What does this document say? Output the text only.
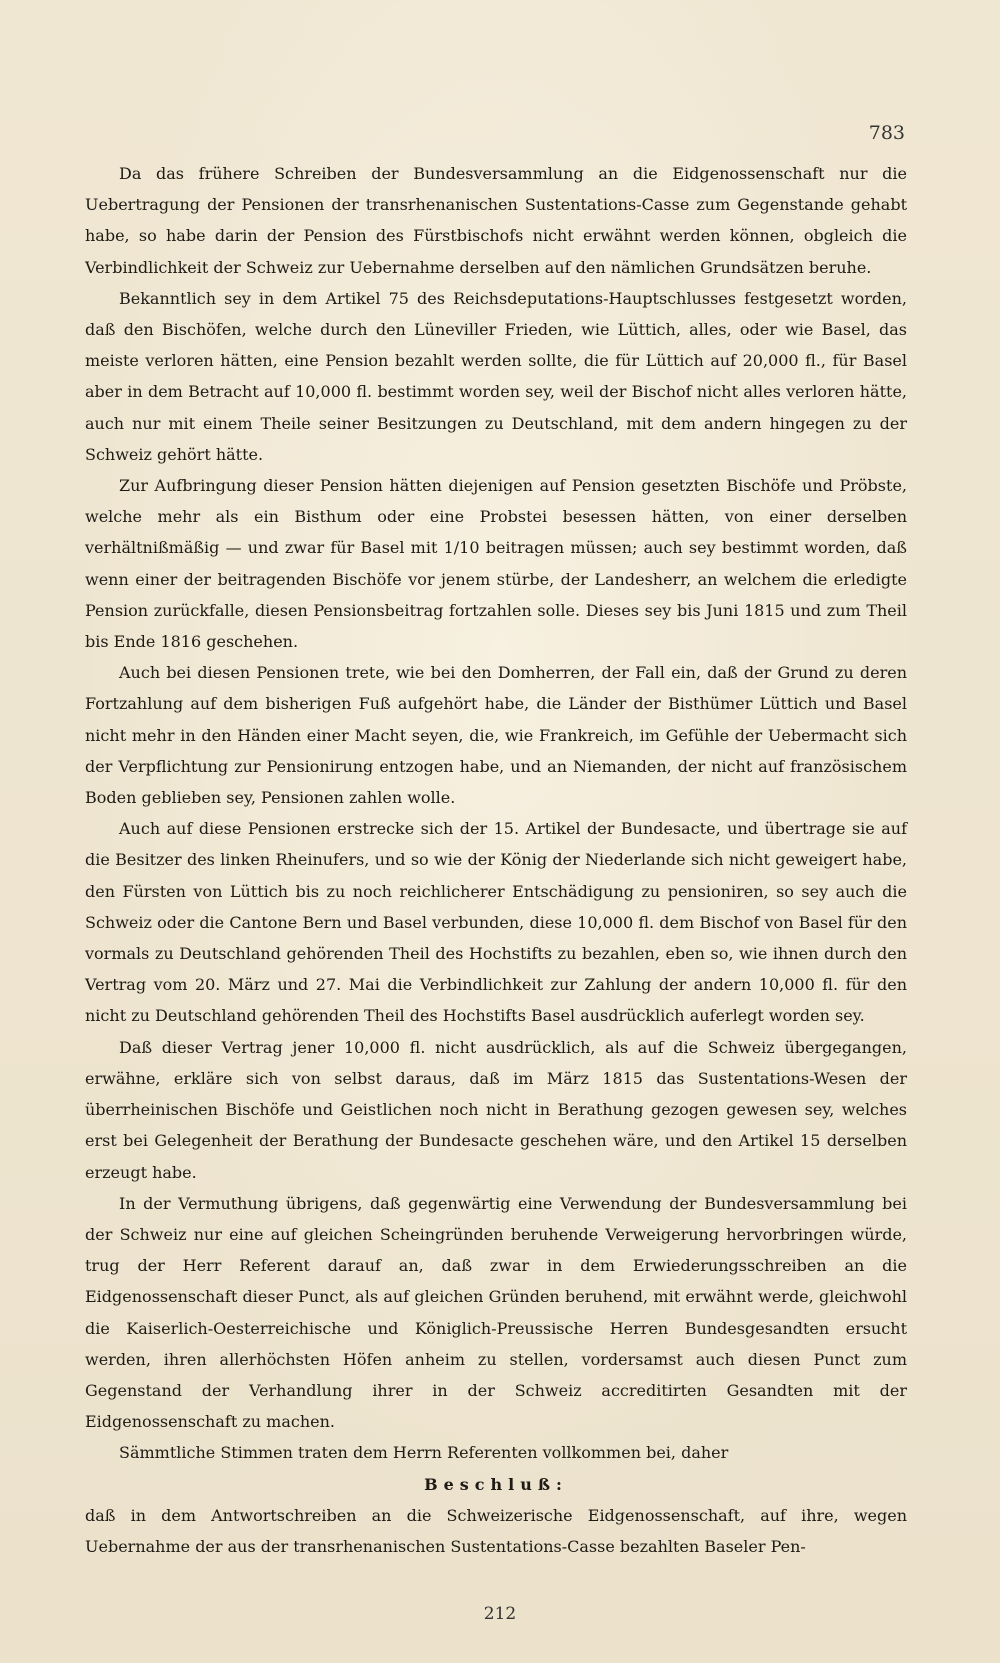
783

Da das frühere Schreiben der Bundesversammlung an die Eidgenossenschaft nur die Uebertragung der Pensionen der transrhenanischen Sustentations-Casse zum Gegenstande gehabt habe, so habe darin der Pension des Fürstbischofs nicht erwähnt werden können, obgleich die Verbindlichkeit der Schweiz zur Uebernahme derselben auf den nämlichen Grundsätzen beruhe.

Bekanntlich sey in dem Artikel 75 des Reichsdeputations-Hauptschlusses festgesetzt worden, daß den Bischöfen, welche durch den Lüneviller Frieden, wie Lüttich, alles, oder wie Basel, das meiste verloren hätten, eine Pension bezahlt werden sollte, die für Lüttich auf 20,000 fl., für Basel aber in dem Betracht auf 10,000 fl. bestimmt worden sey, weil der Bischof nicht alles verloren hätte, auch nur mit einem Theile seiner Besitzungen zu Deutschland, mit dem andern hingegen zu der Schweiz gehört hätte.

Zur Aufbringung dieser Pension hätten diejenigen auf Pension gesetzten Bischöfe und Pröbste, welche mehr als ein Bisthum oder eine Probstei besessen hätten, von einer derselben verhältnißmäßig — und zwar für Basel mit 1/10 beitragen müssen; auch sey bestimmt worden, daß wenn einer der beitragenden Bischöfe vor jenem stürbe, der Landesherr, an welchem die erledigte Pension zurückfalle, diesen Pensionsbeitrag fortzahlen solle. Dieses sey bis Juni 1815 und zum Theil bis Ende 1816 geschehen.

Auch bei diesen Pensionen trete, wie bei den Domherren, der Fall ein, daß der Grund zu deren Fortzahlung auf dem bisherigen Fuß aufgehört habe, die Länder der Bisthümer Lüttich und Basel nicht mehr in den Händen einer Macht seyen, die, wie Frankreich, im Gefühle der Uebermacht sich der Verpflichtung zur Pensionirung entzogen habe, und an Niemanden, der nicht auf französischem Boden geblieben sey, Pensionen zahlen wolle.

Auch auf diese Pensionen erstrecke sich der 15. Artikel der Bundesacte, und übertrage sie auf die Besitzer des linken Rheinufers, und so wie der König der Niederlande sich nicht geweigert habe, den Fürsten von Lüttich bis zu noch reichlicherer Entschädigung zu pensioniren, so sey auch die Schweiz oder die Cantone Bern und Basel verbunden, diese 10,000 fl. dem Bischof von Basel für den vormals zu Deutschland gehörenden Theil des Hochstifts zu bezahlen, eben so, wie ihnen durch den Vertrag vom 20. März und 27. Mai die Verbindlichkeit zur Zahlung der andern 10,000 fl. für den nicht zu Deutschland gehörenden Theil des Hochstifts Basel ausdrücklich auferlegt worden sey.

Daß dieser Vertrag jener 10,000 fl. nicht ausdrücklich, als auf die Schweiz übergegangen, erwähne, erkläre sich von selbst daraus, daß im März 1815 das Sustentations-Wesen der überrheinischen Bischöfe und Geistlichen noch nicht in Berathung gezogen gewesen sey, welches erst bei Gelegenheit der Berathung der Bundesacte geschehen wäre, und den Artikel 15 derselben erzeugt habe.

In der Vermuthung übrigens, daß gegenwärtig eine Verwendung der Bundesversammlung bei der Schweiz nur eine auf gleichen Scheingründen beruhende Verweigerung hervorbringen würde, trug der Herr Referent darauf an, daß zwar in dem Erwiederungsschreiben an die Eidgenossenschaft dieser Punct, als auf gleichen Gründen beruhend, mit erwähnt werde, gleichwohl die Kaiserlich-Oesterreichische und Königlich-Preussische Herren Bundesgesandten ersucht werden, ihren allerhöchsten Höfen anheim zu stellen, vordersamst auch diesen Punct zum Gegenstand der Verhandlung ihrer in der Schweiz accreditirten Gesandten mit der Eidgenossenschaft zu machen.

Sämmtliche Stimmen traten dem Herrn Referenten vollkommen bei, daher

Beschluß:

daß in dem Antwortschreiben an die Schweizerische Eidgenossenschaft, auf ihre, wegen Uebernahme der aus der transrhenanischen Sustentations-Casse bezahlten Baseler Pen-

212
